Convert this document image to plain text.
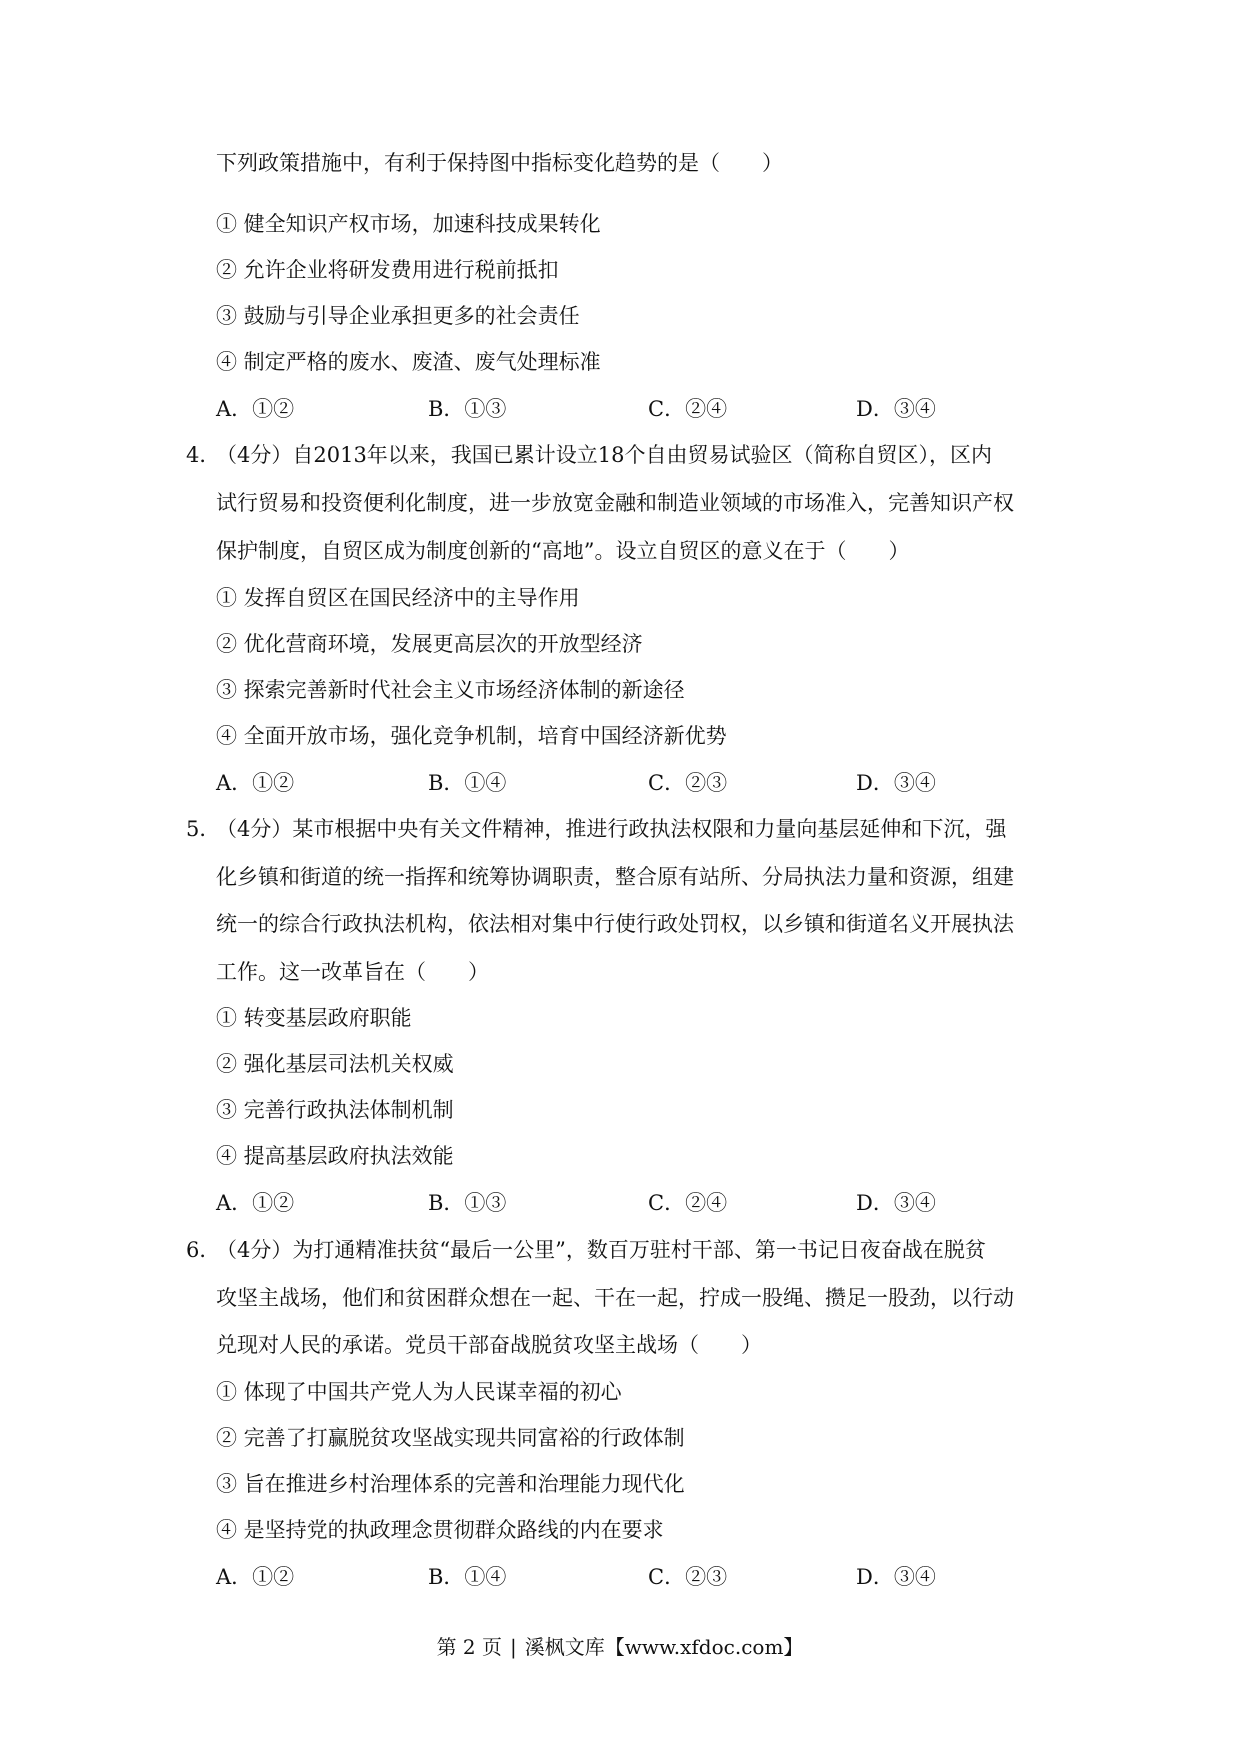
下列政策措施中，有利于保持图中指标变化趋势的是（　　）
① 健全知识产权市场，加速科技成果转化
② 允许企业将研发费用进行税前抵扣
③ 鼓励与引导企业承担更多的社会责任
④ 制定严格的废水、废渣、废气处理标准
A．①②	B．①③	C．②④	D．③④
4．
（4分）自2013年以来，我国已累计设立18个自由贸易试验区（简称自贸区），区内
试行贸易和投资便利化制度，进一步放宽金融和制造业领域的市场准入，完善知识产权
保护制度，自贸区成为制度创新的“高地”。设立自贸区的意义在于（　　）
① 发挥自贸区在国民经济中的主导作用
② 优化营商环境，发展更高层次的开放型经济
③ 探索完善新时代社会主义市场经济体制的新途径
④ 全面开放市场，强化竞争机制，培育中国经济新优势
A．①②	B．①④	C．②③	D．③④
5．
（4分）某市根据中央有关文件精神，推进行政执法权限和力量向基层延伸和下沉，强
化乡镇和街道的统一指挥和统筹协调职责，整合原有站所、分局执法力量和资源，组建
统一的综合行政执法机构，依法相对集中行使行政处罚权，以乡镇和街道名义开展执法
工作。这一改革旨在（　　）
① 转变基层政府职能
② 强化基层司法机关权威
③ 完善行政执法体制机制
④ 提高基层政府执法效能
A．①②	B．①③	C．②④	D．③④
6．
（4分）为打通精准扶贫“最后一公里”，数百万驻村干部、第一书记日夜奋战在脱贫
攻坚主战场，他们和贫困群众想在一起、干在一起，拧成一股绳、攒足一股劲，以行动
兑现对人民的承诺。党员干部奋战脱贫攻坚主战场（　　）
① 体现了中国共产党人为人民谋幸福的初心
② 完善了打赢脱贫攻坚战实现共同富裕的行政体制
③ 旨在推进乡村治理体系的完善和治理能力现代化
④ 是坚持党的执政理念贯彻群众路线的内在要求
A．①②	B．①④	C．②③	D．③④
第 2 页 | 溪枫文库【www.xfdoc.com】
